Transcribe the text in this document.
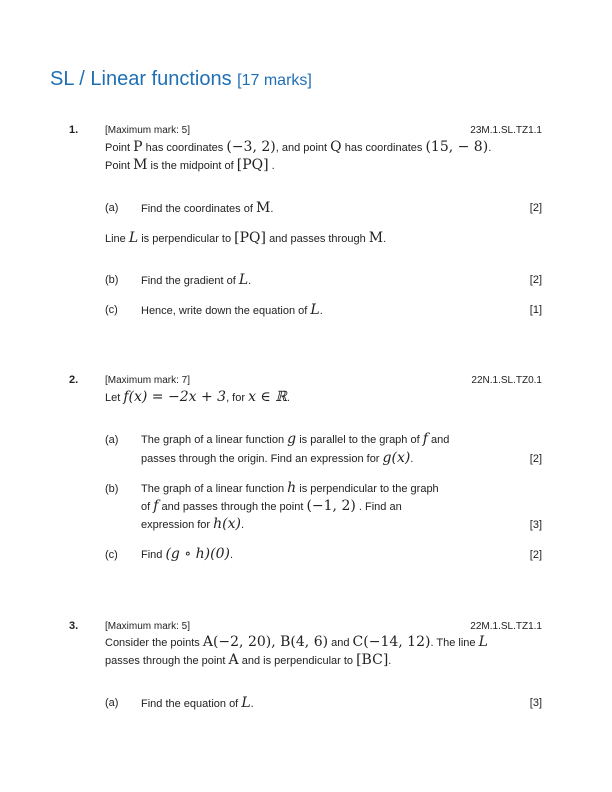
SL / Linear functions [17 marks]
1.	[Maximum mark: 5]	23M.1.SL.TZ1.1
Point P has coordinates (−3, 2), and point Q has coordinates (15, − 8).
Point M is the midpoint of [PQ] .
(a) Find the coordinates of M.	[2]
Line L is perpendicular to [PQ] and passes through M.
(b) Find the gradient of L.	[2]
(c) Hence, write down the equation of L.	[1]
2.	[Maximum mark: 7]	22N.1.SL.TZ0.1
Let f(x) = −2x + 3, for x ∈ ℝ.
(a) The graph of a linear function g is parallel to the graph of f and
passes through the origin. Find an expression for g(x).	[2]
(b) The graph of a linear function h is perpendicular to the graph
of f and passes through the point (−1, 2) . Find an
expression for h(x).	[3]
(c) Find (g ∘ h)(0).	[2]
3.	[Maximum mark: 5]	22M.1.SL.TZ1.1
Consider the points A(−2, 20), B(4, 6) and C(−14, 12). The line L
passes through the point A and is perpendicular to [BC].
(a) Find the equation of L.	[3]
